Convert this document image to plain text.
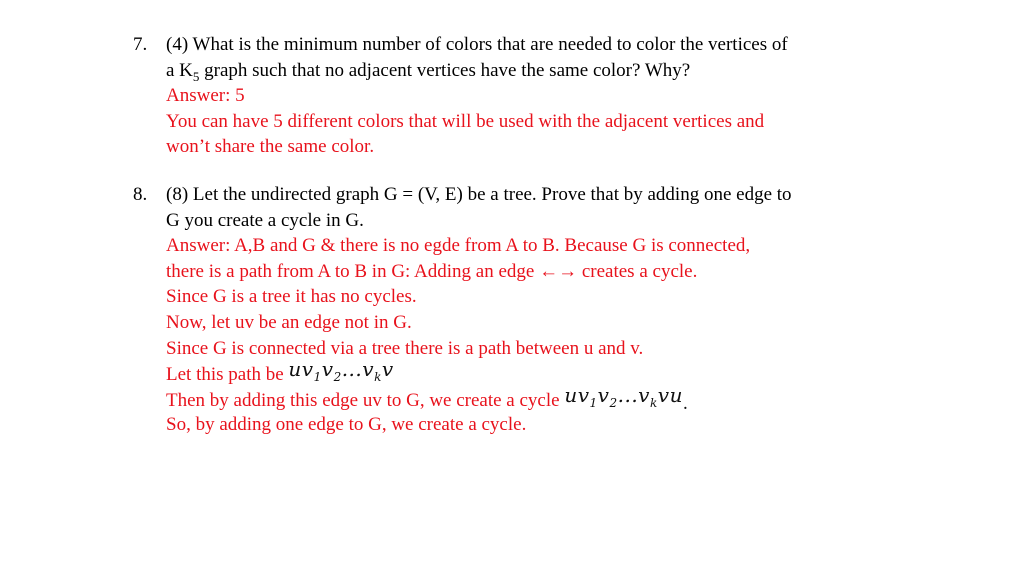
7. (4) What is the minimum number of colors that are needed to color the vertices of
a $K_5$ graph such that no adjacent vertices have the same color? Why?
Answer: 5
You can have 5 different colors that will be used with the adjacent vertices and
won’t share the same color.
8. (8) Let the undirected graph G = (V, E) be a tree. Prove that by adding one edge to
G you create a cycle in G.
Answer: A,B and G & there is no egde from A to B. Because G is connected,
there is a path from A to B in G: Adding an edge ←→ creates a cycle.
Since G is a tree it has no cycles.
Now, let uv be an edge not in G.
Since G is connected via a tree there is a path between u and v.
Let this path be $uv_1v_2...v_kv$
Then by adding this edge uv to G, we create a cycle $uv_1v_2...v_kvu$.
So, by adding one edge to G, we create a cycle.
